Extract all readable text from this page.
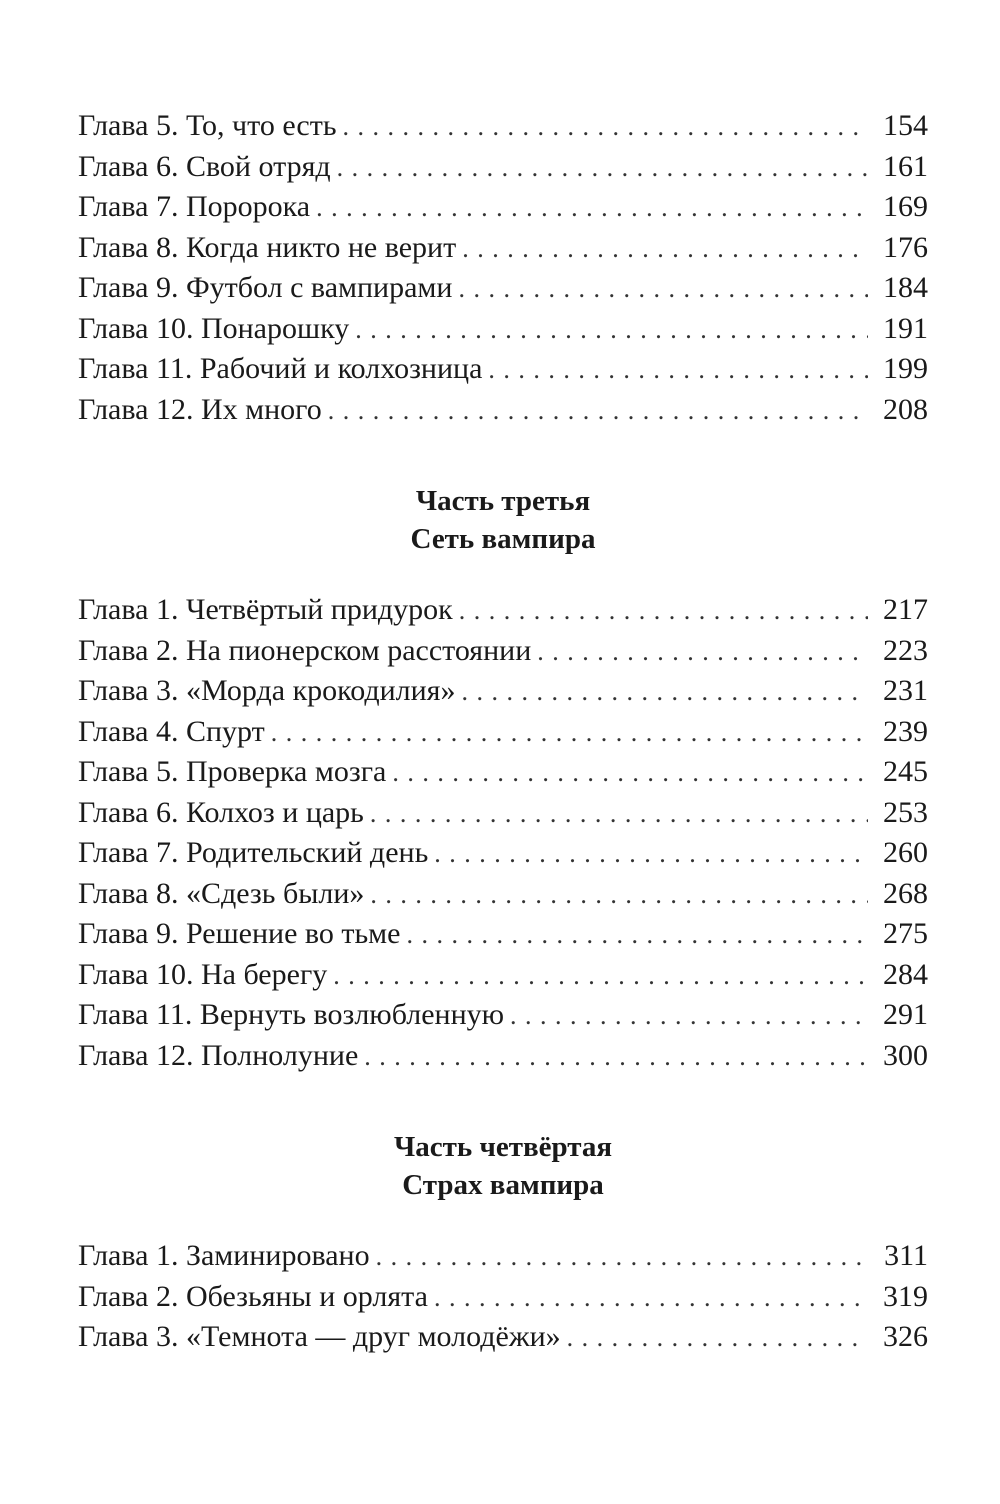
Глава 5. То, что есть . . .	154
Глава 6. Свой отряд . . .	161
Глава 7. Пороpока . . .	169
Глава 8. Когда никто не верит . . .	176
Глава 9. Футбол с вампирами . . .	184
Глава 10. Понарошку . . .	191
Глава 11. Рабочий и колхозница . . .	199
Глава 12. Их много . . .	208

Часть третья

Сеть вампира

Глава 1. Четвёртый придурок . . .	217
Глава 2. На пионерском расстоянии . . .	223
Глава 3. «Морда крокодилия» . . .	231
Глава 4. Спурт . . .	239
Глава 5. Проверка мозга . . .	245
Глава 6. Колхоз и царь . . .	253
Глава 7. Родительский день . . .	260
Глава 8. «Сдезь были» . . .	268
Глава 9. Решение во тьме . . .	275
Глава 10. На берегу . . .	284
Глава 11. Вернуть возлюбленную . . .	291
Глава 12. Полнолуние . . .	300

Часть четвёртая

Страх вампира

Глава 1. Заминировано . . .	311
Глава 2. Обезьяны и орлята . . .	319
Глава 3. «Темнота — друг молодёжи» . . .	326
